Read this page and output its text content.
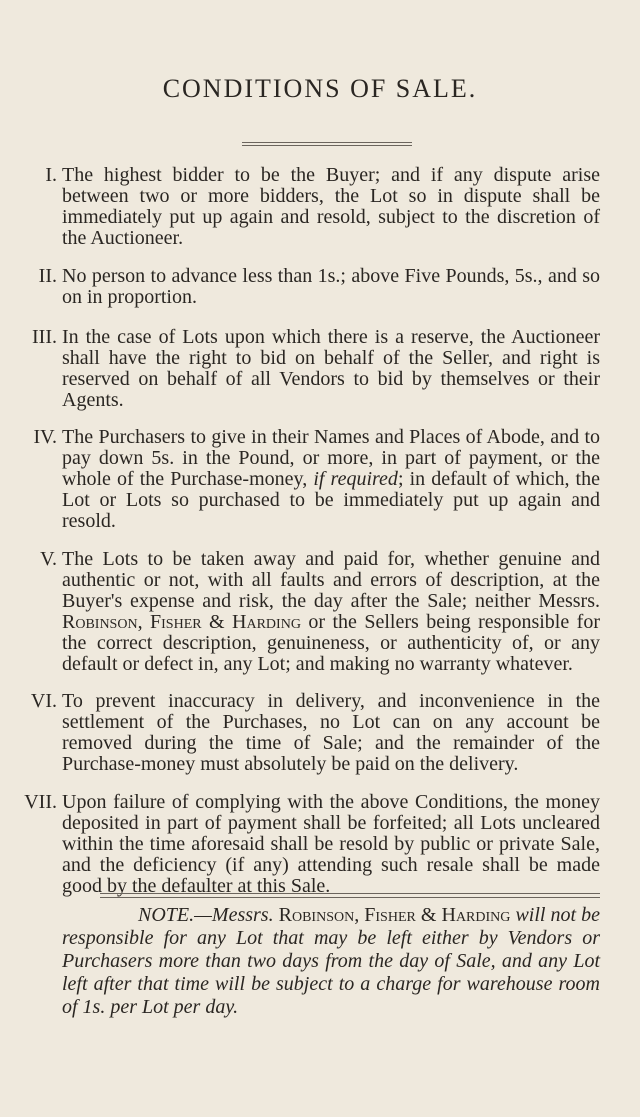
CONDITIONS OF SALE.
I. The highest bidder to be the Buyer; and if any dispute arise between two or more bidders, the Lot so in dispute shall be immediately put up again and resold, subject to the discretion of the Auctioneer.
II. No person to advance less than 1s.; above Five Pounds, 5s., and so on in proportion.
III. In the case of Lots upon which there is a reserve, the Auctioneer shall have the right to bid on behalf of the Seller, and right is reserved on behalf of all Vendors to bid by themselves or their Agents.
IV. The Purchasers to give in their Names and Places of Abode, and to pay down 5s. in the Pound, or more, in part of payment, or the whole of the Purchase-money, if required; in default of which, the Lot or Lots so purchased to be immediately put up again and resold.
V. The Lots to be taken away and paid for, whether genuine and authentic or not, with all faults and errors of description, at the Buyer's expense and risk, the day after the Sale; neither Messrs. Robinson, Fisher & Harding or the Sellers being responsible for the correct description, genuineness, or authenticity of, or any default or defect in, any Lot; and making no warranty whatever.
VI. To prevent inaccuracy in delivery, and inconvenience in the settlement of the Purchases, no Lot can on any account be removed during the time of Sale; and the remainder of the Purchase-money must absolutely be paid on the delivery.
VII. Upon failure of complying with the above Conditions, the money deposited in part of payment shall be forfeited; all Lots uncleared within the time aforesaid shall be resold by public or private Sale, and the deficiency (if any) attending such resale shall be made good by the defaulter at this Sale.
NOTE.—Messrs. Robinson, Fisher & Harding will not be responsible for any Lot that may be left either by Vendors or Purchasers more than two days from the day of Sale, and any Lot left after that time will be subject to a charge for warehouse room of 1s. per Lot per day.
